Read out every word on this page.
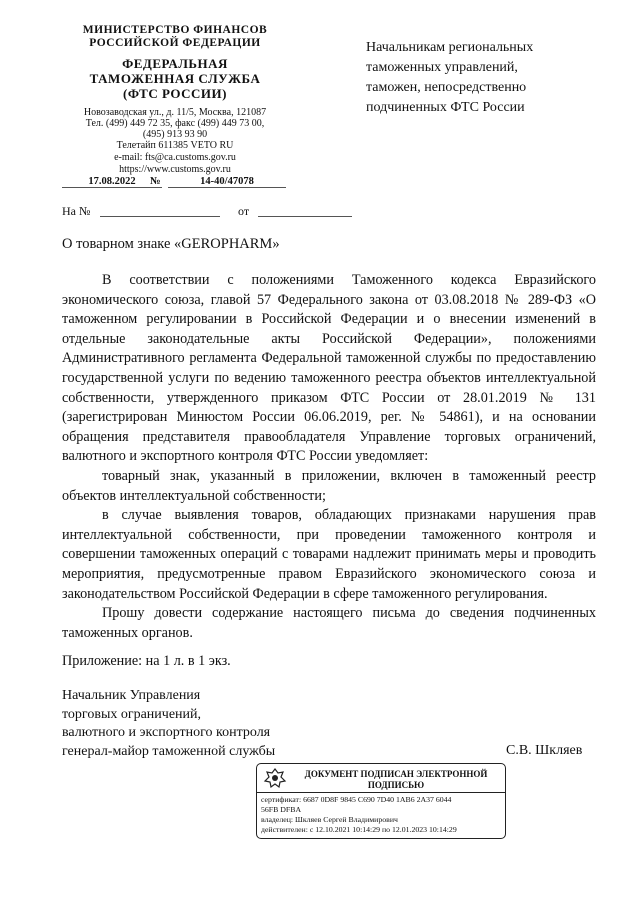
МИНИСТЕРСТВО ФИНАНСОВ
РОССИЙСКОЙ ФЕДЕРАЦИИ
ФЕДЕРАЛЬНАЯ
ТАМОЖЕННАЯ СЛУЖБА
(ФТС РОССИИ)
Новозаводская ул., д. 11/5, Москва, 121087
Тел. (499) 449 72 35, факс (499) 449 73 00,
(495) 913 93 90
Телетайп 611385 VETO RU
e-mail: fts@ca.customs.gov.ru
https://www.customs.gov.ru
17.08.2022	№	14-40/47078
На №	от
Начальникам региональных
таможенных управлений,
таможен, непосредственно
подчиненных ФТС России
О товарном знаке «GEROPHARM»

В соответствии с положениями Таможенного кодекса Евразийского экономического союза, главой 57 Федерального закона от 03.08.2018 № 289-ФЗ «О таможенном регулировании в Российской Федерации и о внесении изменений в отдельные законодательные акты Российской Федерации», положениями Административного регламента Федеральной таможенной службы по предоставлению государственной услуги по ведению таможенного реестра объектов интеллектуальной собственности, утвержденного приказом ФТС России от 28.01.2019 № 131 (зарегистрирован Минюстом России 06.06.2019, рег. № 54861), и на основании обращения представителя правообладателя Управление торговых ограничений, валютного и экспортного контроля ФТС России уведомляет:

товарный знак, указанный в приложении, включен в таможенный реестр объектов интеллектуальной собственности;

в случае выявления товаров, обладающих признаками нарушения прав интеллектуальной собственности, при проведении таможенного контроля и совершении таможенных операций с товарами надлежит принимать меры и проводить мероприятия, предусмотренные правом Евразийского экономического союза и законодательством Российской Федерации в сфере таможенного регулирования.

Прошу довести содержание настоящего письма до сведения подчиненных таможенных органов.

Приложение: на 1 л. в 1 экз.
Начальник Управления
торговых ограничений,
валютного и экспортного контроля
генерал-майор таможенной службы	С.В. Шкляев
ДОКУМЕНТ ПОДПИСАН ЭЛЕКТРОННОЙ
ПОДПИСЬЮ
сертификат: 6687 0D8F 9845 C690 7D40 1AB6 2A37 6044
56FB DFBA
владелец: Шкляев Сергей Владимирович
действителен: с 12.10.2021 10:14:29 по 12.01.2023 10:14:29
